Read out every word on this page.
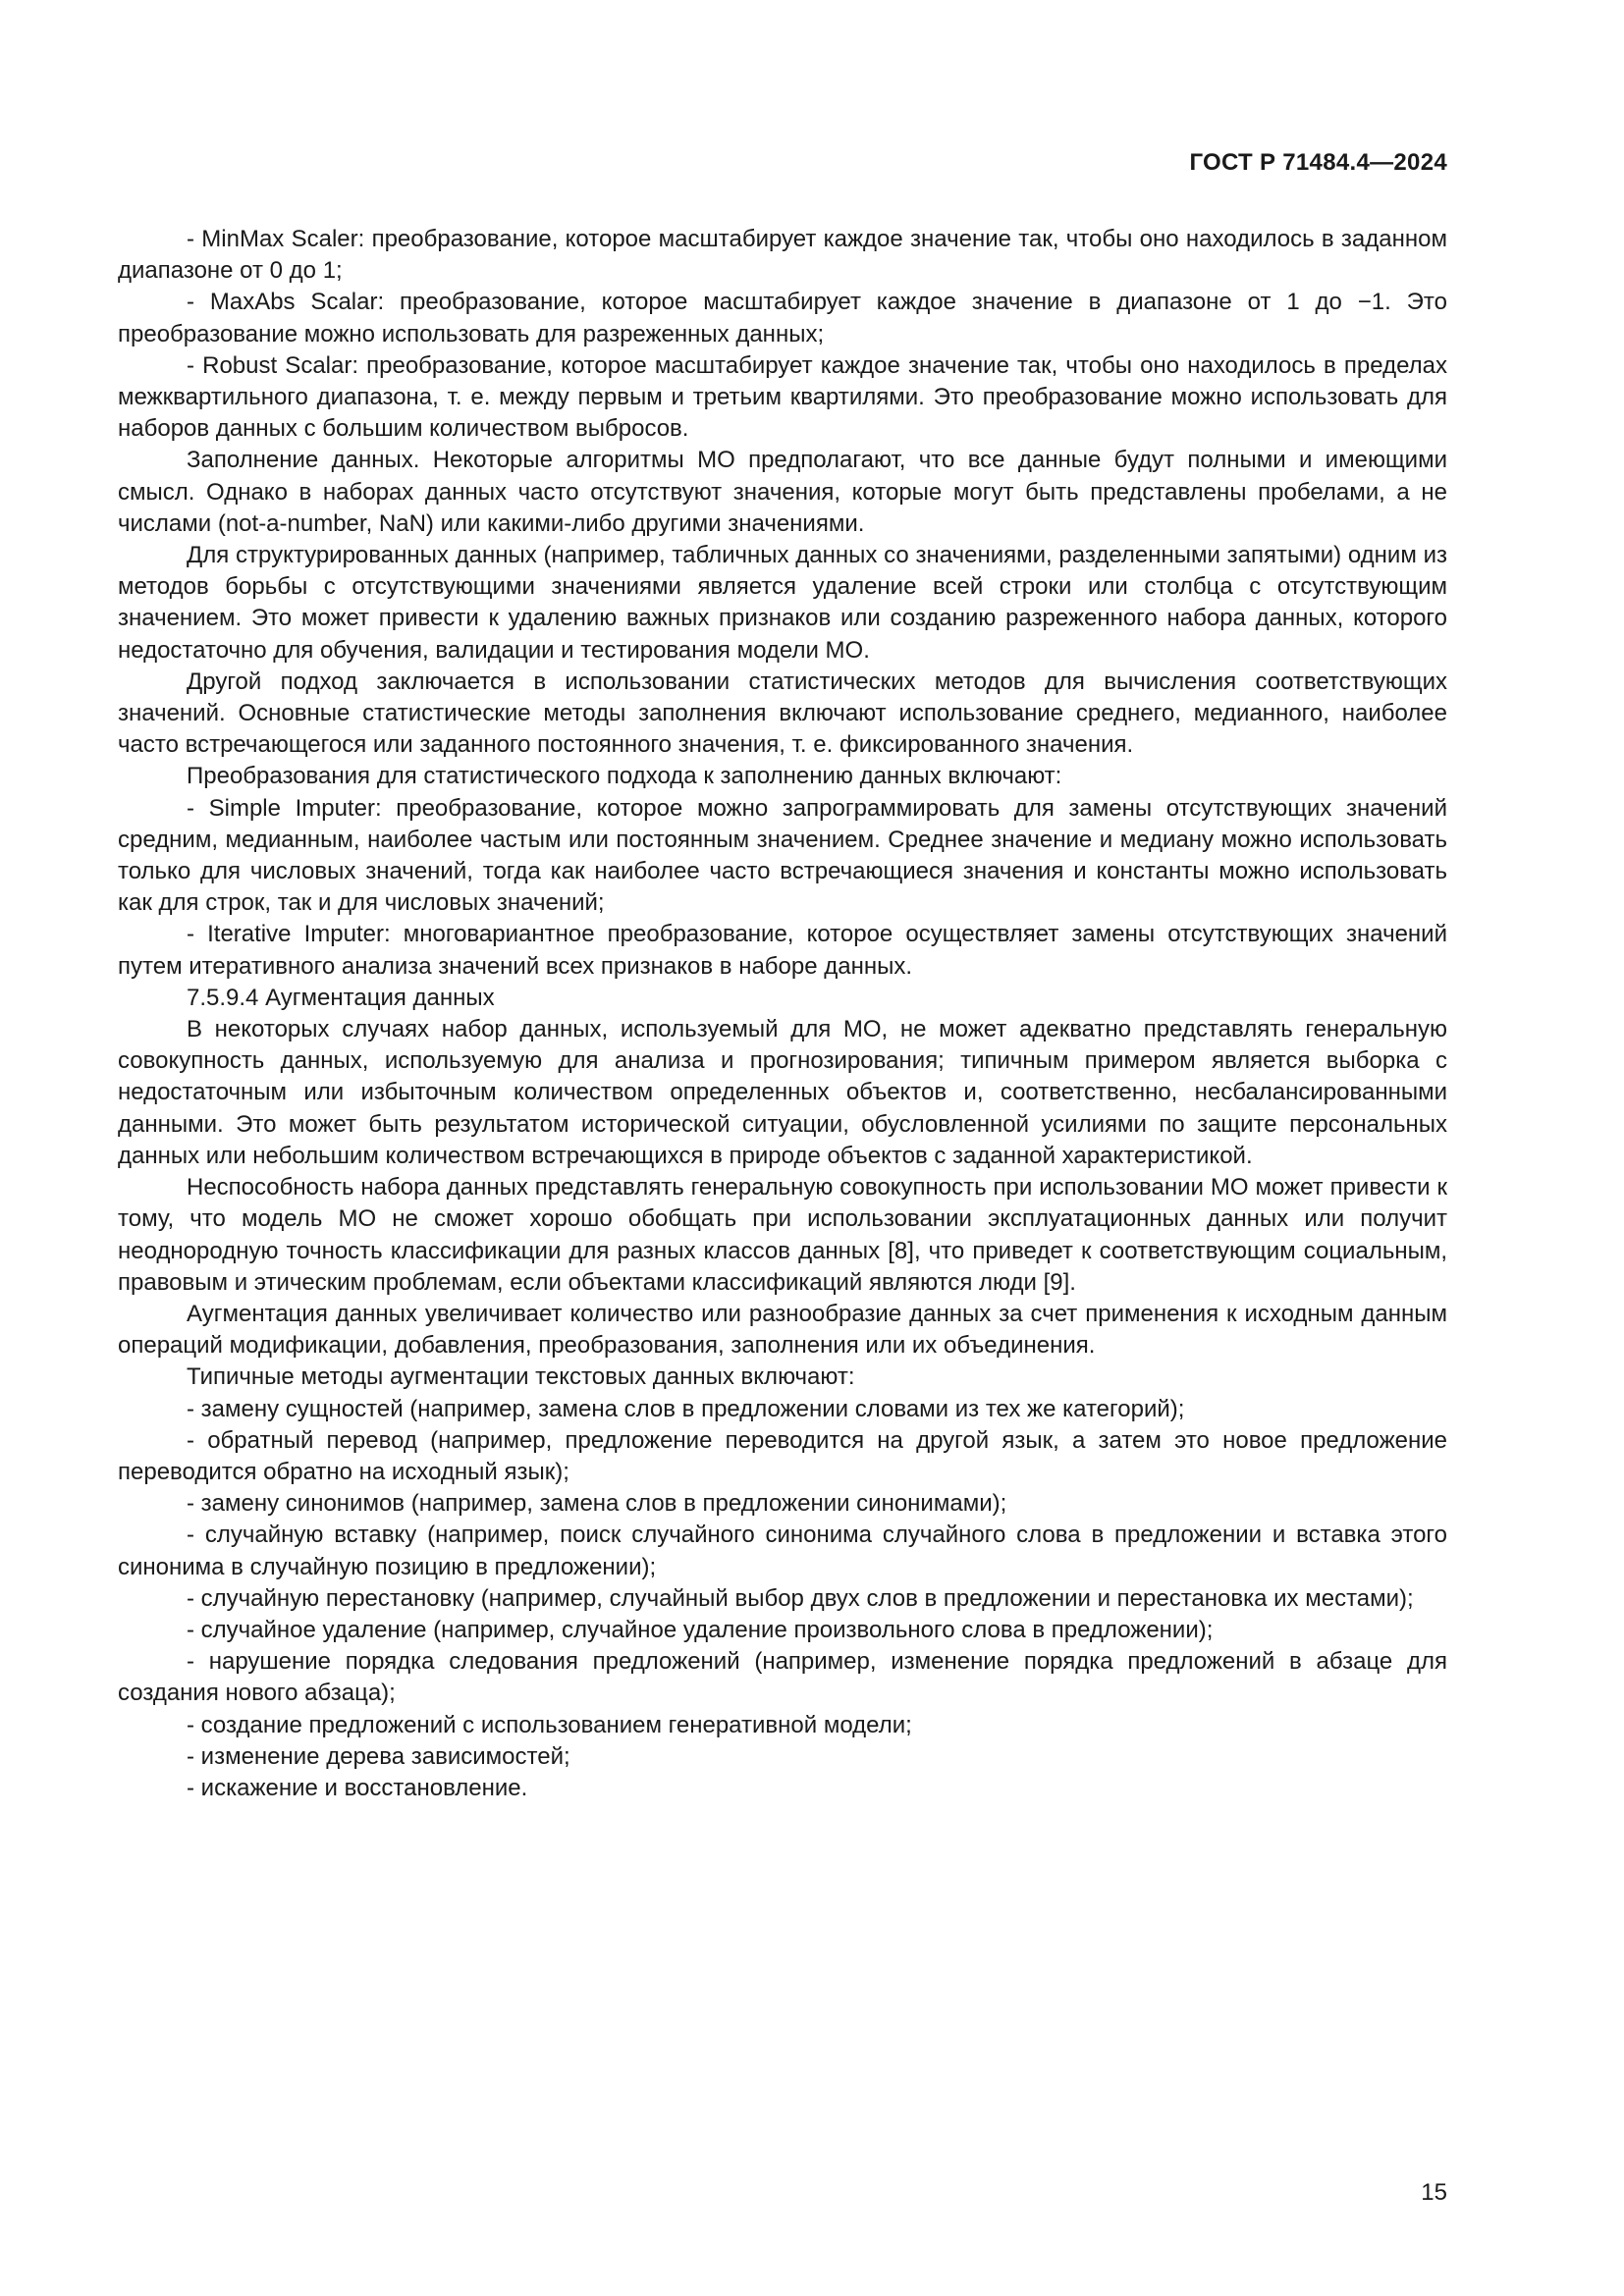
ГОСТ Р 71484.4—2024

- MinMax Scaler: преобразование, которое масштабирует каждое значение так, чтобы оно находилось в заданном диапазоне от 0 до 1;

- MaxAbs Scalar: преобразование, которое масштабирует каждое значение в диапазоне от 1 до −1. Это преобразование можно использовать для разреженных данных;

- Robust Scalar: преобразование, которое масштабирует каждое значение так, чтобы оно находилось в пределах межквартильного диапазона, т. е. между первым и третьим квартилями. Это преобразование можно использовать для наборов данных с большим количеством выбросов.

Заполнение данных. Некоторые алгоритмы МО предполагают, что все данные будут полными и имеющими смысл. Однако в наборах данных часто отсутствуют значения, которые могут быть представлены пробелами, а не числами (not-a-number, NaN) или какими-либо другими значениями.

Для структурированных данных (например, табличных данных со значениями, разделенными запятыми) одним из методов борьбы с отсутствующими значениями является удаление всей строки или столбца с отсутствующим значением. Это может привести к удалению важных признаков или созданию разреженного набора данных, которого недостаточно для обучения, валидации и тестирования модели МО.

Другой подход заключается в использовании статистических методов для вычисления соответствующих значений. Основные статистические методы заполнения включают использование среднего, медианного, наиболее часто встречающегося или заданного постоянного значения, т. е. фиксированного значения.

Преобразования для статистического подхода к заполнению данных включают:

- Simple Imputer: преобразование, которое можно запрограммировать для замены отсутствующих значений средним, медианным, наиболее частым или постоянным значением. Среднее значение и медиану можно использовать только для числовых значений, тогда как наиболее часто встречающиеся значения и константы можно использовать как для строк, так и для числовых значений;

- Iterative Imputer: многовариантное преобразование, которое осуществляет замены отсутствующих значений путем итеративного анализа значений всех признаков в наборе данных.

7.5.9.4 Аугментация данных

В некоторых случаях набор данных, используемый для МО, не может адекватно представлять генеральную совокупность данных, используемую для анализа и прогнозирования; типичным примером является выборка с недостаточным или избыточным количеством определенных объектов и, соответственно, несбалансированными данными. Это может быть результатом исторической ситуации, обусловленной усилиями по защите персональных данных или небольшим количеством встречающихся в природе объектов с заданной характеристикой.

Неспособность набора данных представлять генеральную совокупность при использовании МО может привести к тому, что модель МО не сможет хорошо обобщать при использовании эксплуатационных данных или получит неоднородную точность классификации для разных классов данных [8], что приведет к соответствующим социальным, правовым и этическим проблемам, если объектами классификаций являются люди [9].

Аугментация данных увеличивает количество или разнообразие данных за счет применения к исходным данным операций модификации, добавления, преобразования, заполнения или их объединения.

Типичные методы аугментации текстовых данных включают:

- замену сущностей (например, замена слов в предложении словами из тех же категорий);

- обратный перевод (например, предложение переводится на другой язык, а затем это новое предложение переводится обратно на исходный язык);

- замену синонимов (например, замена слов в предложении синонимами);

- случайную вставку (например, поиск случайного синонима случайного слова в предложении и вставка этого синонима в случайную позицию в предложении);

- случайную перестановку (например, случайный выбор двух слов в предложении и перестановка их местами);

- случайное удаление (например, случайное удаление произвольного слова в предложении);

- нарушение порядка следования предложений (например, изменение порядка предложений в абзаце для создания нового абзаца);

- создание предложений с использованием генеративной модели;

- изменение дерева зависимостей;

- искажение и восстановление.

15
